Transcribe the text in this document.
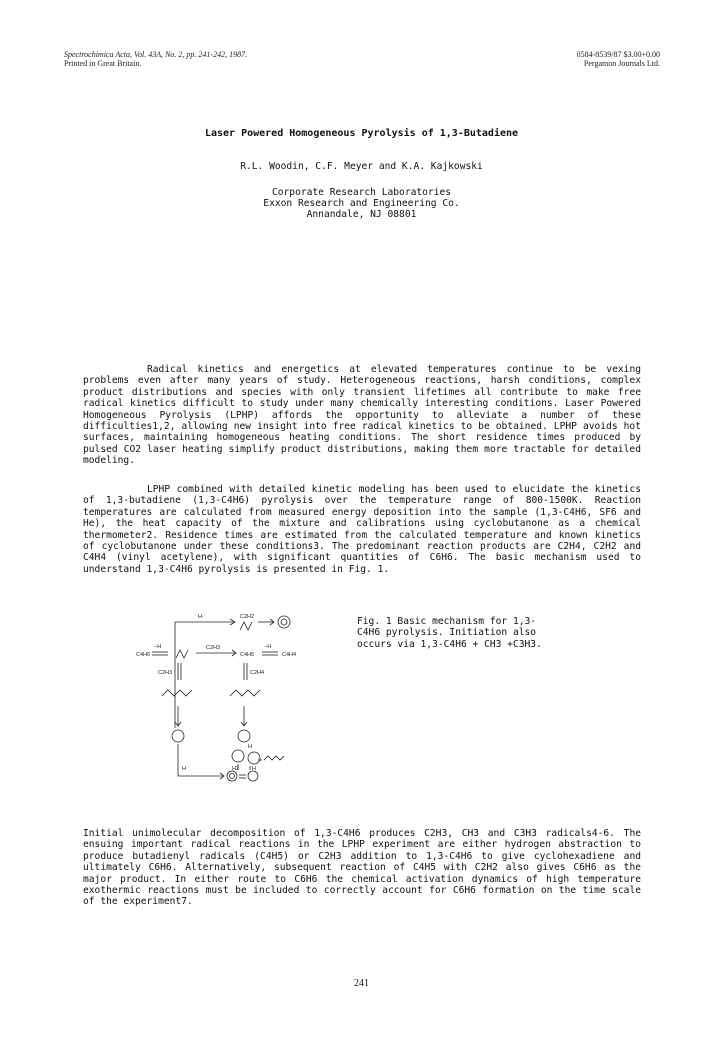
Spectrochimica Acta, Vol. 43A, No. 2, pp. 241-242, 1987.
Printed in Great Britain.
0584-8539/87 $3.00+0.00
Pergamon Journals Ltd.
Laser Powered Homogeneous Pyrolysis of 1,3-Butadiene
R.L. Woodin, C.F. Meyer and K.A. Kajkowski
Corporate Research Laboratories
Exxon Research and Engineering Co.
Annandale, NJ 08801

Radical kinetics and energetics at elevated temperatures continue to be vexing problems even after many years of study. Heterogeneous reactions, harsh conditions, complex product distributions and species with only transient lifetimes all contribute to make free radical kinetics difficult to study under many chemically interesting conditions. Laser Powered Homogeneous Pyrolysis (LPHP) affords the opportunity to alleviate a number of these difficulties1,2, allowing new insight into free radical kinetics to be obtained. LPHP avoids hot surfaces, maintaining homogeneous heating conditions. The short residence times produced by pulsed CO2 laser heating simplify product distributions, making them more tractable for detailed modeling.

LPHP combined with detailed kinetic modeling has been used to elucidate the kinetics of 1,3-butadiene (1,3-C4H6) pyrolysis over the temperature range of 800-1500K. Reaction temperatures are calculated from measured energy deposition into the sample (1,3-C4H6, SF6 and He), the heat capacity of the mixture and calibrations using cyclobutanone as a chemical thermometer2. Residence times are estimated from the calculated temperature and known kinetics of cyclobutanone under these conditions3. The predominant reaction products are C2H4, C2H2 and C4H4 (vinyl acetylene), with significant quantities of C6H6. The basic mechanism used to understand 1,3-C4H6 pyrolysis is presented in Fig. 1.

H·	C2H2
−H
C4H6
C2H3
C4H5
−H
C4H4
C2H3	C2H4
H
H2 H
H
Fig. 1 Basic mechanism for 1,3-C4H6 pyrolysis. Initiation also occurs via 1,3-C4H6 + CH3 +C3H3.

Initial unimolecular decomposition of 1,3-C4H6 produces C2H3, CH3 and C3H3 radicals4-6. The ensuing important radical reactions in the LPHP experiment are either hydrogen abstraction to produce butadienyl radicals (C4H5) or C2H3 addition to 1,3-C4H6 to give cyclohexadiene and ultimately C6H6. Alternatively, subsequent reaction of C4H5 with C2H2 also gives C6H6 as the major product. In either route to C6H6 the chemical activation dynamics of high temperature exothermic reactions must be included to correctly account for C6H6 formation on the time scale of the experiment7.

241
